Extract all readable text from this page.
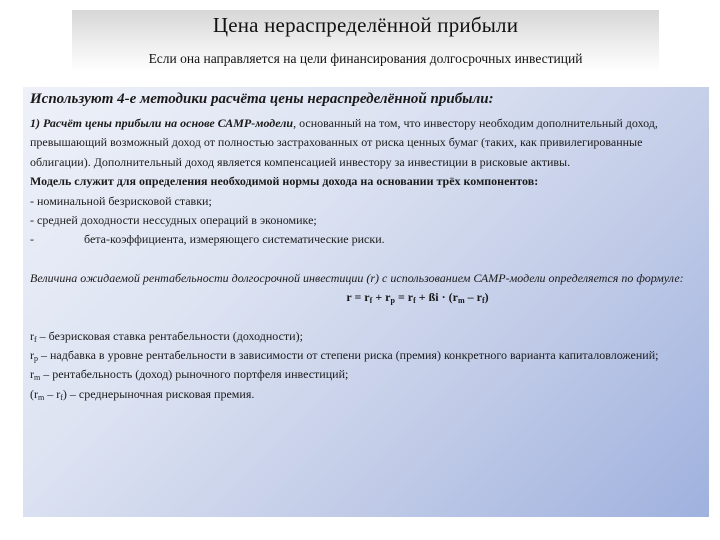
Цена нераспределённой прибыли
Если она направляется на цели финансирования долгосрочных инвестиций

Используют 4-е методики расчёта цены нераспределённой прибыли:

1) Расчёт цены прибыли на основе САМР-модели, основанный на том, что инвестору необходим дополнительный доход, превышающий возможный доход от полностью застрахованных от риска ценных бумаг (таких, как привилегированные облигации). Дополнительный доход является компенсацией инвестору за инвестиции в рисковые активы.

Модель служит для определения необходимой нормы дохода на основании трёх компонентов:

- номинальной безрисковой ставки;

- средней доходности нессудных операций в экономике;

-	бета-коэффициента, измеряющего систематические риски.

Величина ожидаемой рентабельности долгосрочной инвестиции (r) с использованием САМР-модели определяется по формуле:

$r = r_f + r_p = r_f$ + ßi · $(r_m - r_f)$

$r_f$ – безрисковая ставка рентабельности (доходности);

$r_p$ – надбавка в уровне рентабельности в зависимости от степени риска (премия) конкретного варианта капиталовложений;

$r_m$ – рентабельность (доход) рыночного портфеля инвестиций;

$(r_m - r_f)$ – среднерыночная рисковая премия.
